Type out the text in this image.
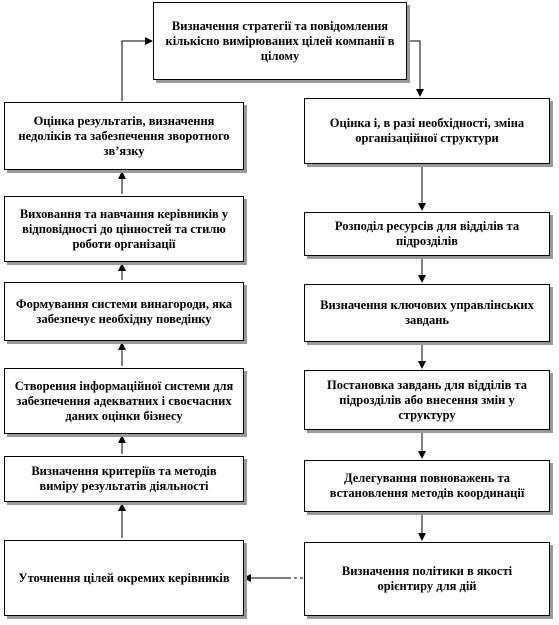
Визначення стратегії та повідомлення кількісно вимірюваних цілей компанії в цілому
Оцінка результатів, визначення недоліків та забезпечення зворотного зв’язку
Виховання та навчання керівників у відповідності до цінностей та стилю роботи організації
Формування системи винагороди, яка забезпечує необхідну поведінку
Створення інформаційної системи для забезпечення адекватних і своєчасних даних оцінки бізнесу
Визначення критеріїв та методів виміру результатів діяльності
Уточнення цілей окремих керівників
Оцінка і, в разі необхідності, зміна організаційної структури
Розподіл ресурсів для відділів та підрозділів
Визначення ключових управлінських завдань
Постановка завдань для відділів та підрозділів або внесення змін у структуру
Делегування повноважень та встановлення методів координації
Визначення політики в якості орієнтиру для дій
